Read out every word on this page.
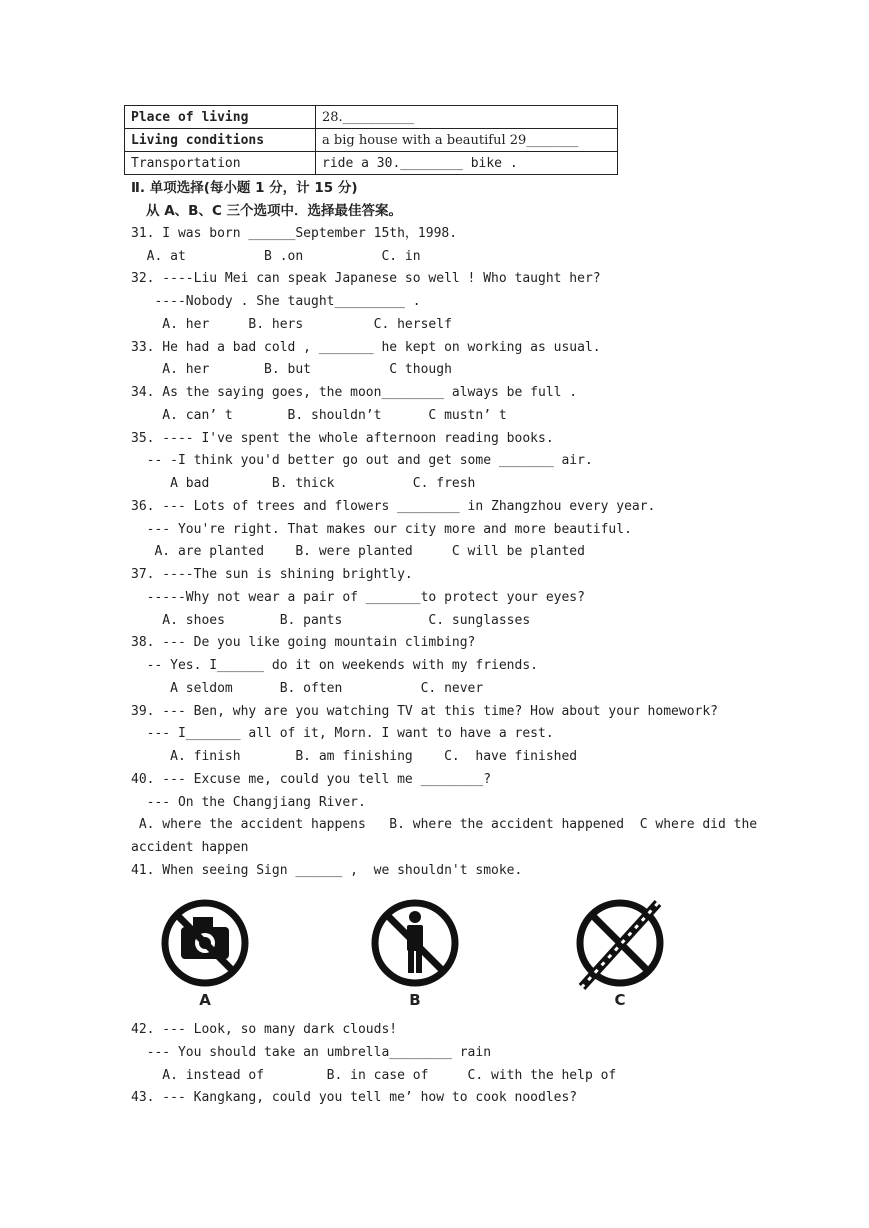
Place of living	28.___________
Living conditions	a big house with a beautiful 29________
Transportation	ride a 30.________ bike .
Ⅱ. 单项选择(每小题 1 分，计 15 分)
从 A、B、C 三个选项中．选择最佳答案。
31. I was born ______September 15th，1998.
A. at          B .on          C. in
32. ----Liu Mei can speak Japanese so well ! Who taught her?
----Nobody . She taught_________ .
A. her     B. hers         C. herself
33. He had a bad cold , _______ he kept on working as usual.
A. her       B. but          C though
34. As the saying goes, the moon________ always be full .
A. can’ t       B. shouldn’t      C mustn’ t
35. ---- I've spent the whole afternoon reading books.
-- -I think you'd better go out and get some _______ air.
A bad        B. thick          C. fresh
36. --- Lots of trees and flowers ________ in Zhangzhou every year.
--- You're right. That makes our city more and more beautiful.
A. are planted    B. were planted     C will be planted
37. ----The sun is shining brightly.
-----Why not wear a pair of _______to protect your eyes?
A. shoes       B. pants           C. sunglasses
38. --- De you like going mountain climbing?
-- Yes. I______ do it on weekends with my friends.
A seldom      B. often          C. never
39. --- Ben, why are you watching TV at this time? How about your homework?
--- I_______ all of it, Morn. I want to have a rest.
A. finish       B. am finishing    C.  have finished
40. --- Excuse me, could you tell me ________?
--- On the Changjiang River.
A. where the accident happens   B. where the accident happened  C where did the
accident happen
41. When seeing Sign ______ ,  we shouldn't smoke.
A	B	C
42. --- Look, so many dark clouds!
--- You should take an umbrella________ rain
A. instead of        B. in case of     C. with the help of
43. --- Kangkang, could you tell me’ how to cook noodles?
